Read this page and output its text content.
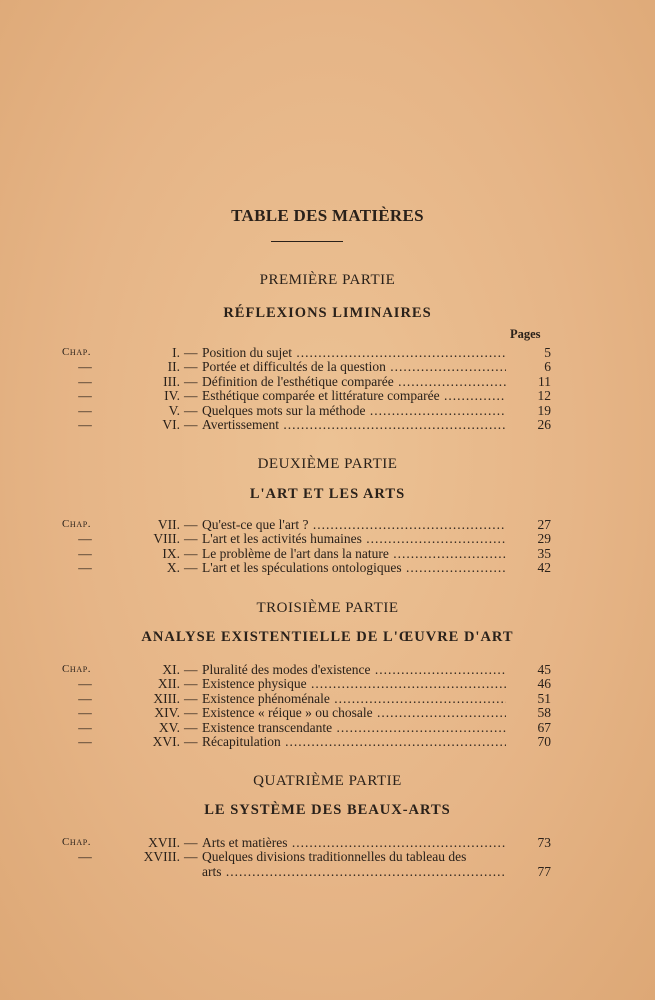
TABLE DES MATIÈRES
PREMIÈRE PARTIE
RÉFLEXIONS LIMINAIRES
Pages
Chap.	I. — Position du sujet .....	5
—	II. — Portée et difficultés de la question .....	6
—	III. — Définition de l'esthétique comparée .....	11
—	IV. — Esthétique comparée et littérature comparée .....	12
—	V. — Quelques mots sur la méthode .....	19
—	VI. — Avertissement .....	26
DEUXIÈME PARTIE
L'ART ET LES ARTS
Chap.	VII. — Qu'est-ce que l'art ? .....	27
—	VIII. — L'art et les activités humaines .....	29
—	IX. — Le problème de l'art dans la nature .....	35
—	X. — L'art et les spéculations ontologiques .....	42
TROISIÈME PARTIE
ANALYSE EXISTENTIELLE DE L'ŒUVRE D'ART
Chap.	XI. — Pluralité des modes d'existence .....	45
—	XII. — Existence physique .....	46
—	XIII. — Existence phénoménale .....	51
—	XIV. — Existence « réique » ou chosale .....	58
—	XV. — Existence transcendante .....	67
—	XVI. — Récapitulation .....	70
QUATRIÈME PARTIE
LE SYSTÈME DES BEAUX-ARTS
Chap.	XVII. — Arts et matières .....	73
—	XVIII. — Quelques divisions traditionnelles du tableau des
arts .....	77
